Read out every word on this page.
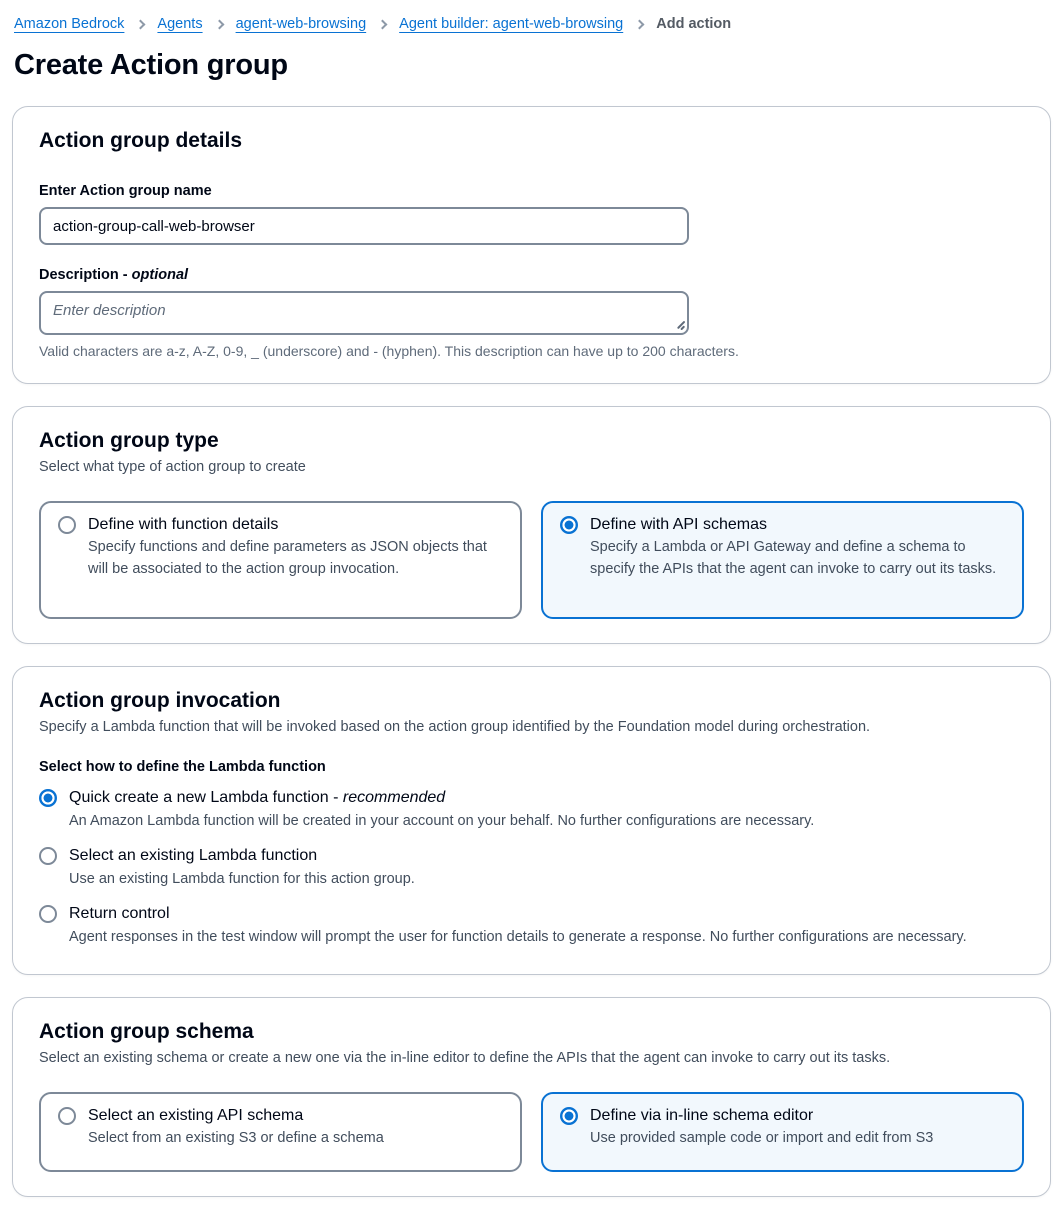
Amazon Bedrock Agents agent-web-browsing Agent builder: agent-web-browsing Add action
Create Action group
Action group details
Enter Action group name
action-group-call-web-browser
Description - optional
Enter description
Valid characters are a-z, A-Z, 0-9, _ (underscore) and - (hyphen). This description can have up to 200 characters.
Action group type
Select what type of action group to create
Define with function details
Specify functions and define parameters as JSON objects that will be associated to the action group invocation.
Define with API schemas
Specify a Lambda or API Gateway and define a schema to specify the APIs that the agent can invoke to carry out its tasks.
Action group invocation
Specify a Lambda function that will be invoked based on the action group identified by the Foundation model during orchestration.
Select how to define the Lambda function
Quick create a new Lambda function - recommended
An Amazon Lambda function will be created in your account on your behalf. No further configurations are necessary.
Select an existing Lambda function
Use an existing Lambda function for this action group.
Return control
Agent responses in the test window will prompt the user for function details to generate a response. No further configurations are necessary.
Action group schema
Select an existing schema or create a new one via the in-line editor to define the APIs that the agent can invoke to carry out its tasks.
Select an existing API schema
Select from an existing S3 or define a schema
Define via in-line schema editor
Use provided sample code or import and edit from S3
